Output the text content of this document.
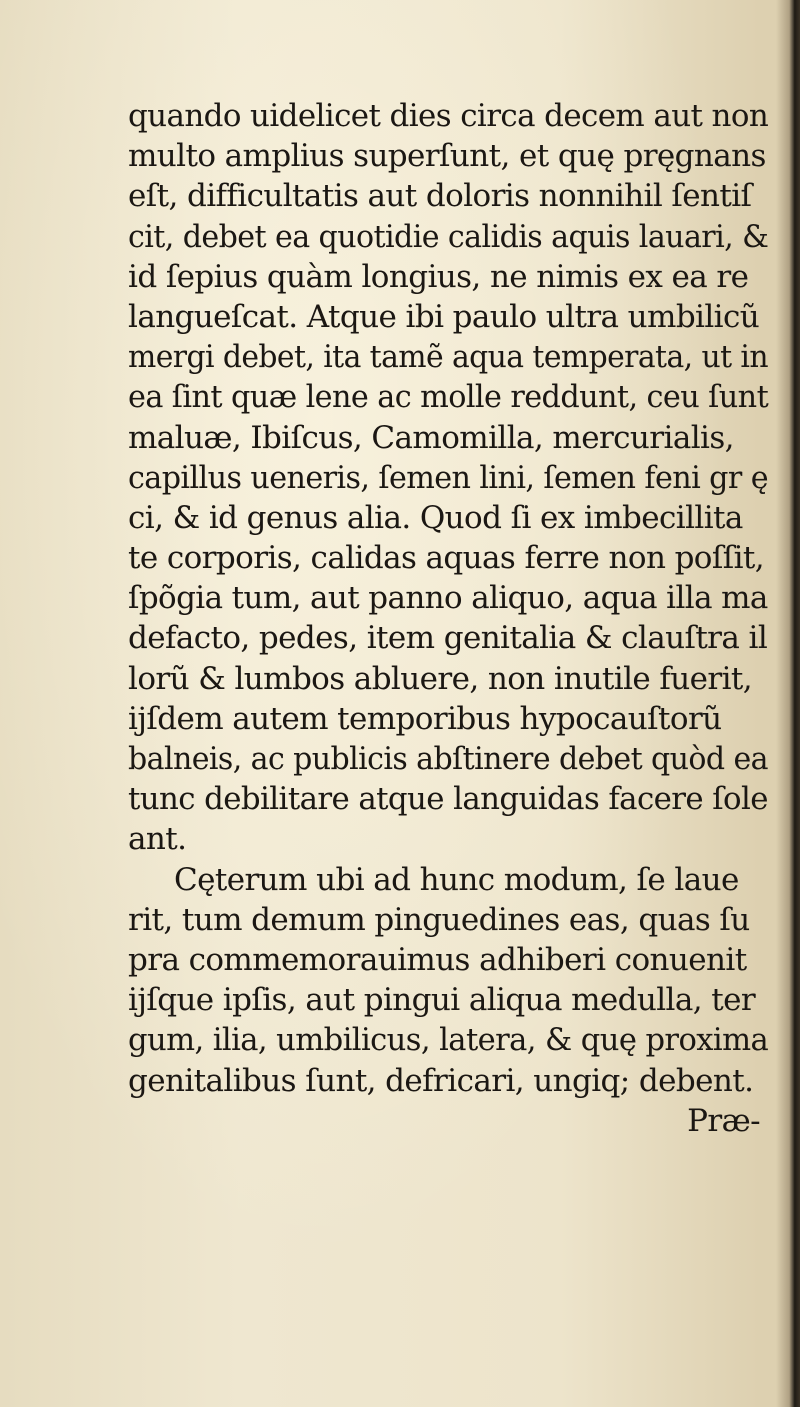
quando uidelicet dies circa decem aut non
multo amplius superſunt, et quę pręgnans
eſt, difficultatis aut doloris nonnihil ſentiſ
cit, debet ea quotidie calidis aquis lauari, &
id ſepius quàm longius, ne nimis ex ea re
langueſcat. Atque ibi paulo ultra umbilicũ
mergi debet, ita tamẽ aqua temperata, ut in
ea ſint quæ lene ac molle reddunt, ceu ſunt
maluæ, Ibiſcus, Camomilla, mercurialis,
capillus ueneris, ſemen lini, ſemen feni gr ę
ci, & id genus alia. Quod ſi ex imbecillita
te corporis, calidas aquas ferre non poſſit,
ſpõgia tum, aut panno aliquo, aqua illa ma
defacto, pedes, item genitalia & clauſtra il
lorũ & lumbos abluere, non inutile fuerit,
ijſdem autem temporibus hypocauſtorũ
balneis, ac publicis abſtinere debet quòd ea
tunc debilitare atque languidas facere ſole
ant.
Cęterum ubi ad hunc modum, ſe laue
rit, tum demum pinguedines eas, quas ſu
pra commemorauimus adhiberi conuenit
ijſque ipſis, aut pingui aliqua medulla, ter
gum, ilia, umbilicus, latera, & quę proxima
genitalibus ſunt, defricari, ungiq; debent.
Præ-
